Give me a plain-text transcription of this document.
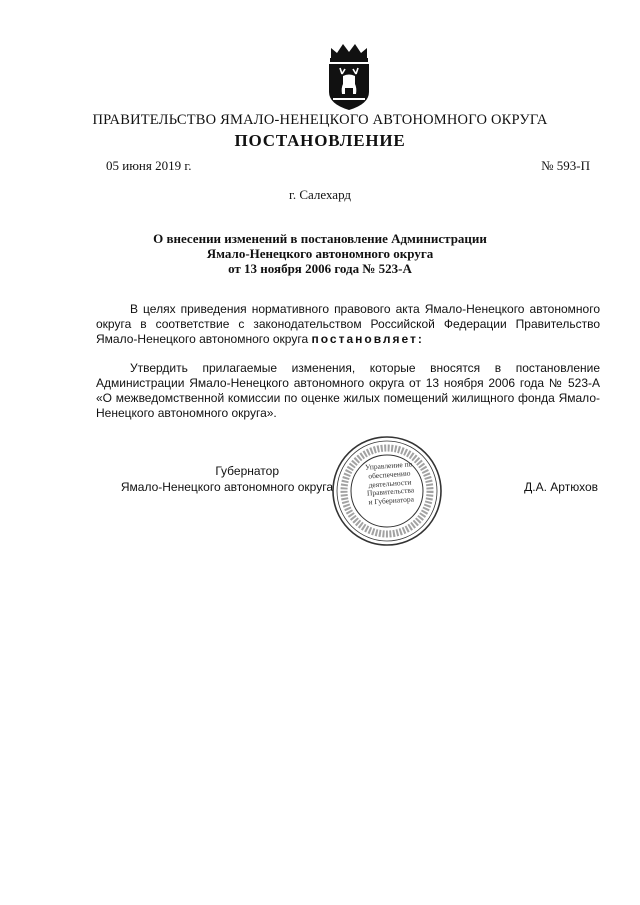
ПРАВИТЕЛЬСТВО ЯМАЛО-НЕНЕЦКОГО АВТОНОМНОГО ОКРУГА
ПОСТАНОВЛЕНИЕ
05 июня 2019 г.	№ 593-П
г. Салехард
О внесении изменений в постановление Администрации
Ямало-Ненецкого автономного округа
от 13 ноября 2006 года № 523-А
В целях приведения нормативного правового акта Ямало-Ненецкого автономного округа в соответствие с законодательством Российской Федерации Правительство Ямало-Ненецкого автономного округа постановляет:
Утвердить прилагаемые изменения, которые вносятся в постановление Администрации Ямало-Ненецкого автономного округа от 13 ноября 2006 года № 523-А «О межведомственной комиссии по оценке жилых помещений жилищного фонда Ямало-Ненецкого автономного округа».
Губернатор
Ямало-Ненецкого автономного округа
Управление по
обеспечению
деятельности
Правительства
и Губернатора
Д.А. Артюхов
